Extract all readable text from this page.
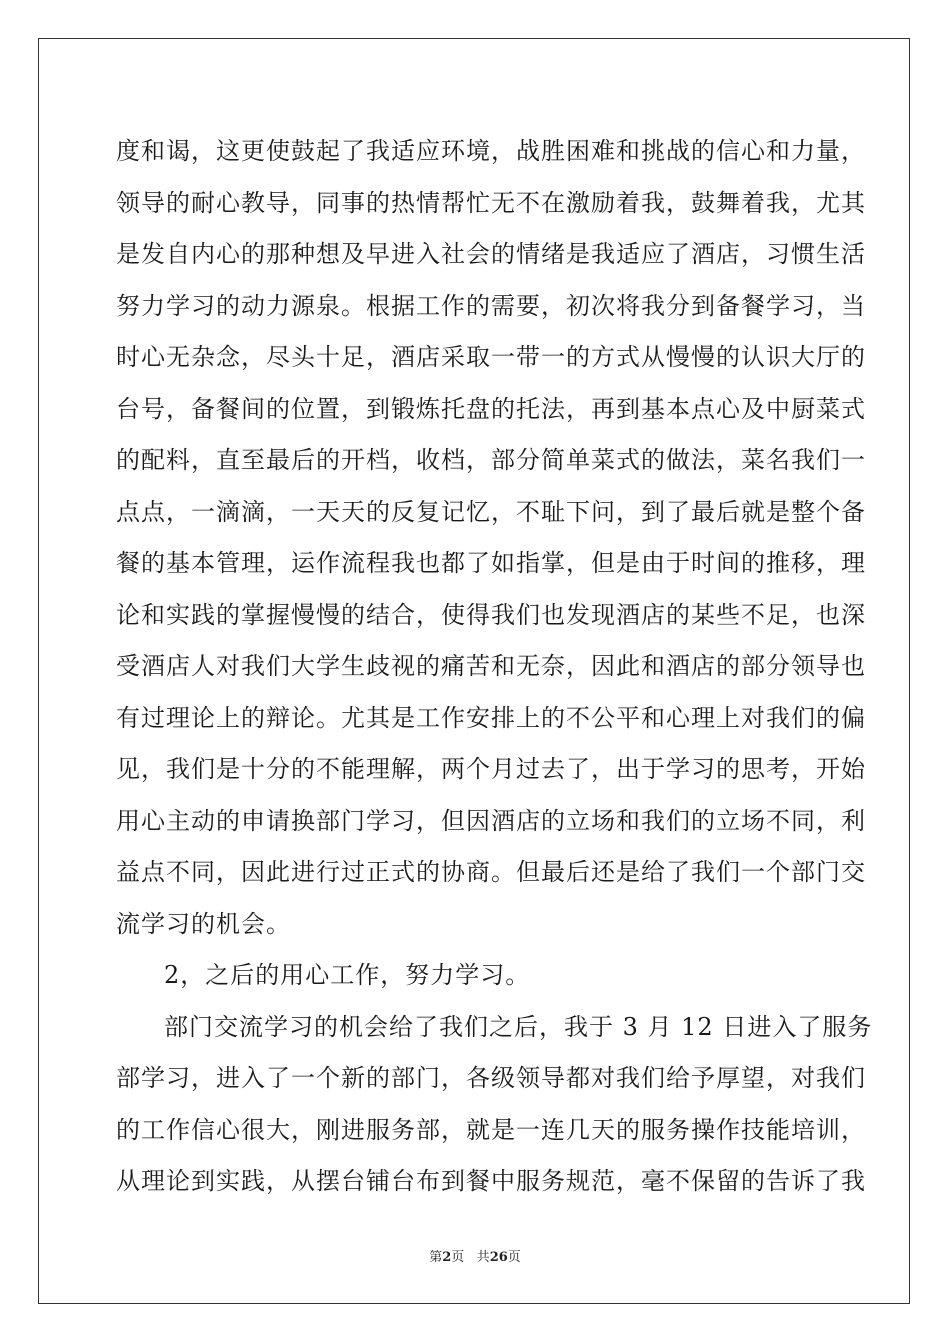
度和谒，这更使鼓起了我适应环境，战胜困难和挑战的信心和力量，
领导的耐心教导，同事的热情帮忙无不在激励着我，鼓舞着我，尤其
是发自内心的那种想及早进入社会的情绪是我适应了酒店，习惯生活
努力学习的动力源泉。根据工作的需要，初次将我分到备餐学习，当
时心无杂念，尽头十足，酒店采取一带一的方式从慢慢的认识大厅的
台号，备餐间的位置，到锻炼托盘的托法，再到基本点心及中厨菜式
的配料，直至最后的开档，收档，部分简单菜式的做法，菜名我们一
点点，一滴滴，一天天的反复记忆，不耻下问，到了最后就是整个备
餐的基本管理，运作流程我也都了如指掌，但是由于时间的推移，理
论和实践的掌握慢慢的结合，使得我们也发现酒店的某些不足，也深
受酒店人对我们大学生歧视的痛苦和无奈，因此和酒店的部分领导也
有过理论上的辩论。尤其是工作安排上的不公平和心理上对我们的偏
见，我们是十分的不能理解，两个月过去了，出于学习的思考，开始
用心主动的申请换部门学习，但因酒店的立场和我们的立场不同，利
益点不同，因此进行过正式的协商。但最后还是给了我们一个部门交
流学习的机会。
2，之后的用心工作，努力学习。
部门交流学习的机会给了我们之后，我于 3 月 12 日进入了服务
部学习，进入了一个新的部门，各级领导都对我们给予厚望，对我们
的工作信心很大，刚进服务部，就是一连几天的服务操作技能培训，
从理论到实践，从摆台铺台布到餐中服务规范，毫不保留的告诉了我
第2页 共26页
